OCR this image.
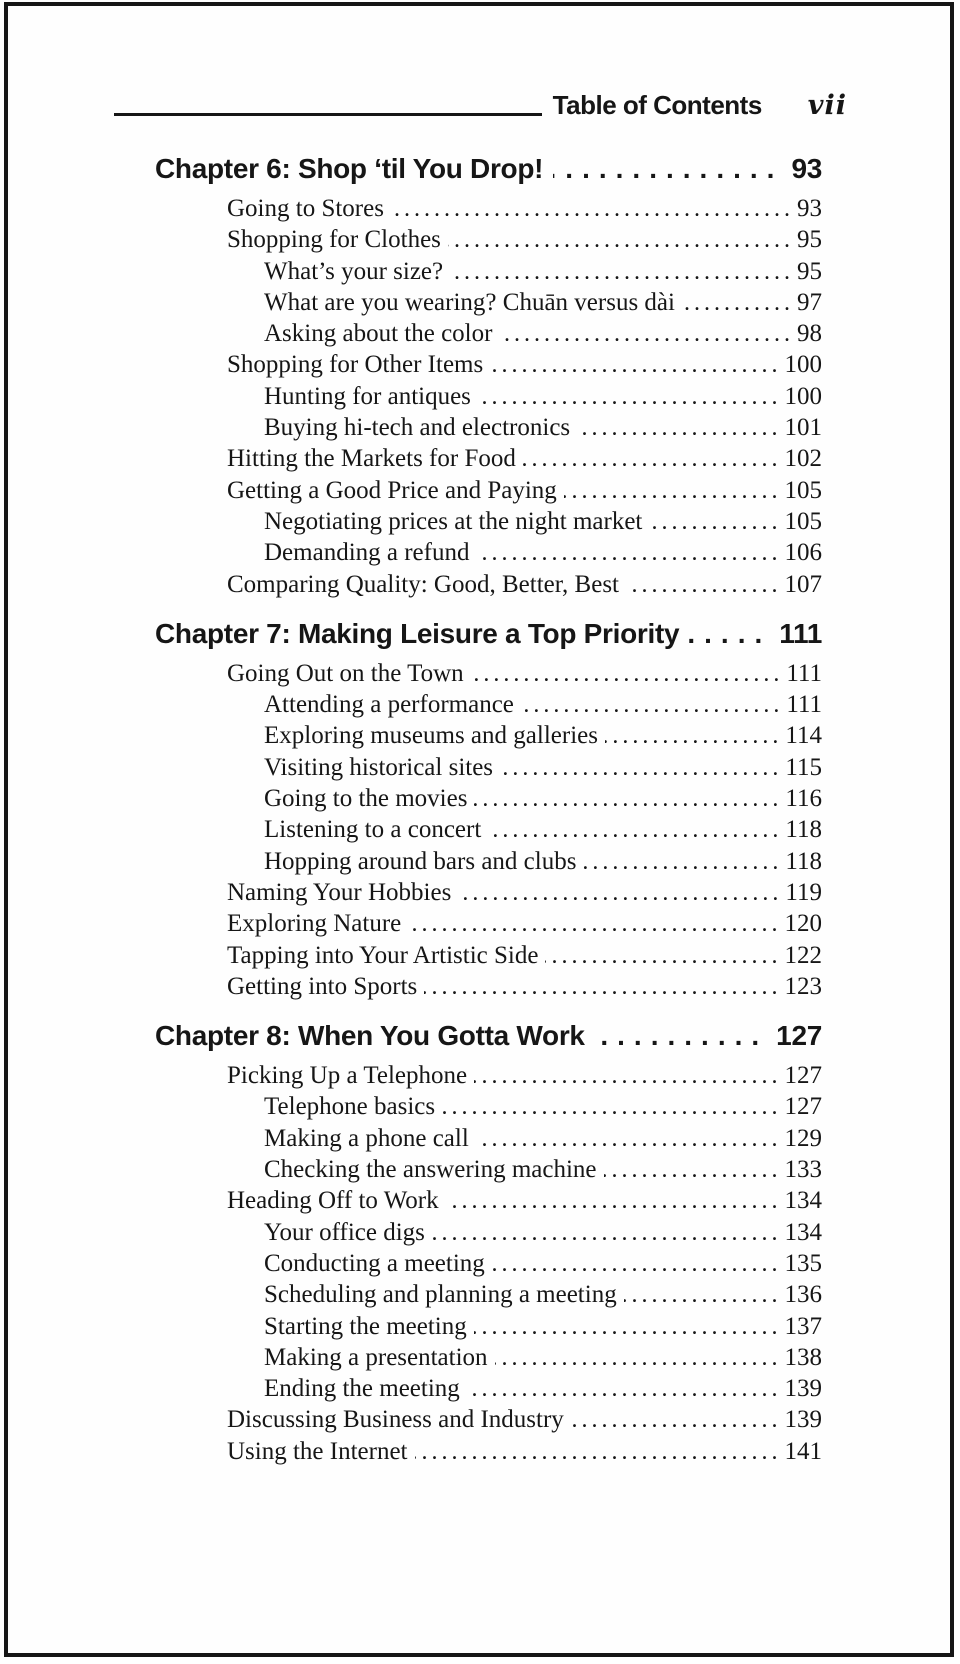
Table of Contents vii
Chapter 6: Shop ‘til You Drop! .....	93
Going to Stores .....	93
Shopping for Clothes .....	95
What’s your size? .....	95
What are you wearing? Chuān versus dài .....	97
Asking about the color .....	98
Shopping for Other Items .....	100
Hunting for antiques .....	100
Buying hi-tech and electronics .....	101
Hitting the Markets for Food .....	102
Getting a Good Price and Paying .....	105
Negotiating prices at the night market .....	105
Demanding a refund .....	106
Comparing Quality: Good, Better, Best .....	107
Chapter 7: Making Leisure a Top Priority .....	111
Going Out on the Town .....	111
Attending a performance .....	111
Exploring museums and galleries .....	114
Visiting historical sites .....	115
Going to the movies .....	116
Listening to a concert .....	118
Hopping around bars and clubs .....	118
Naming Your Hobbies .....	119
Exploring Nature .....	120
Tapping into Your Artistic Side .....	122
Getting into Sports .....	123
Chapter 8: When You Gotta Work .....	127
Picking Up a Telephone .....	127
Telephone basics .....	127
Making a phone call .....	129
Checking the answering machine .....	133
Heading Off to Work .....	134
Your office digs .....	134
Conducting a meeting .....	135
Scheduling and planning a meeting .....	136
Starting the meeting .....	137
Making a presentation .....	138
Ending the meeting .....	139
Discussing Business and Industry .....	139
Using the Internet .....	141
